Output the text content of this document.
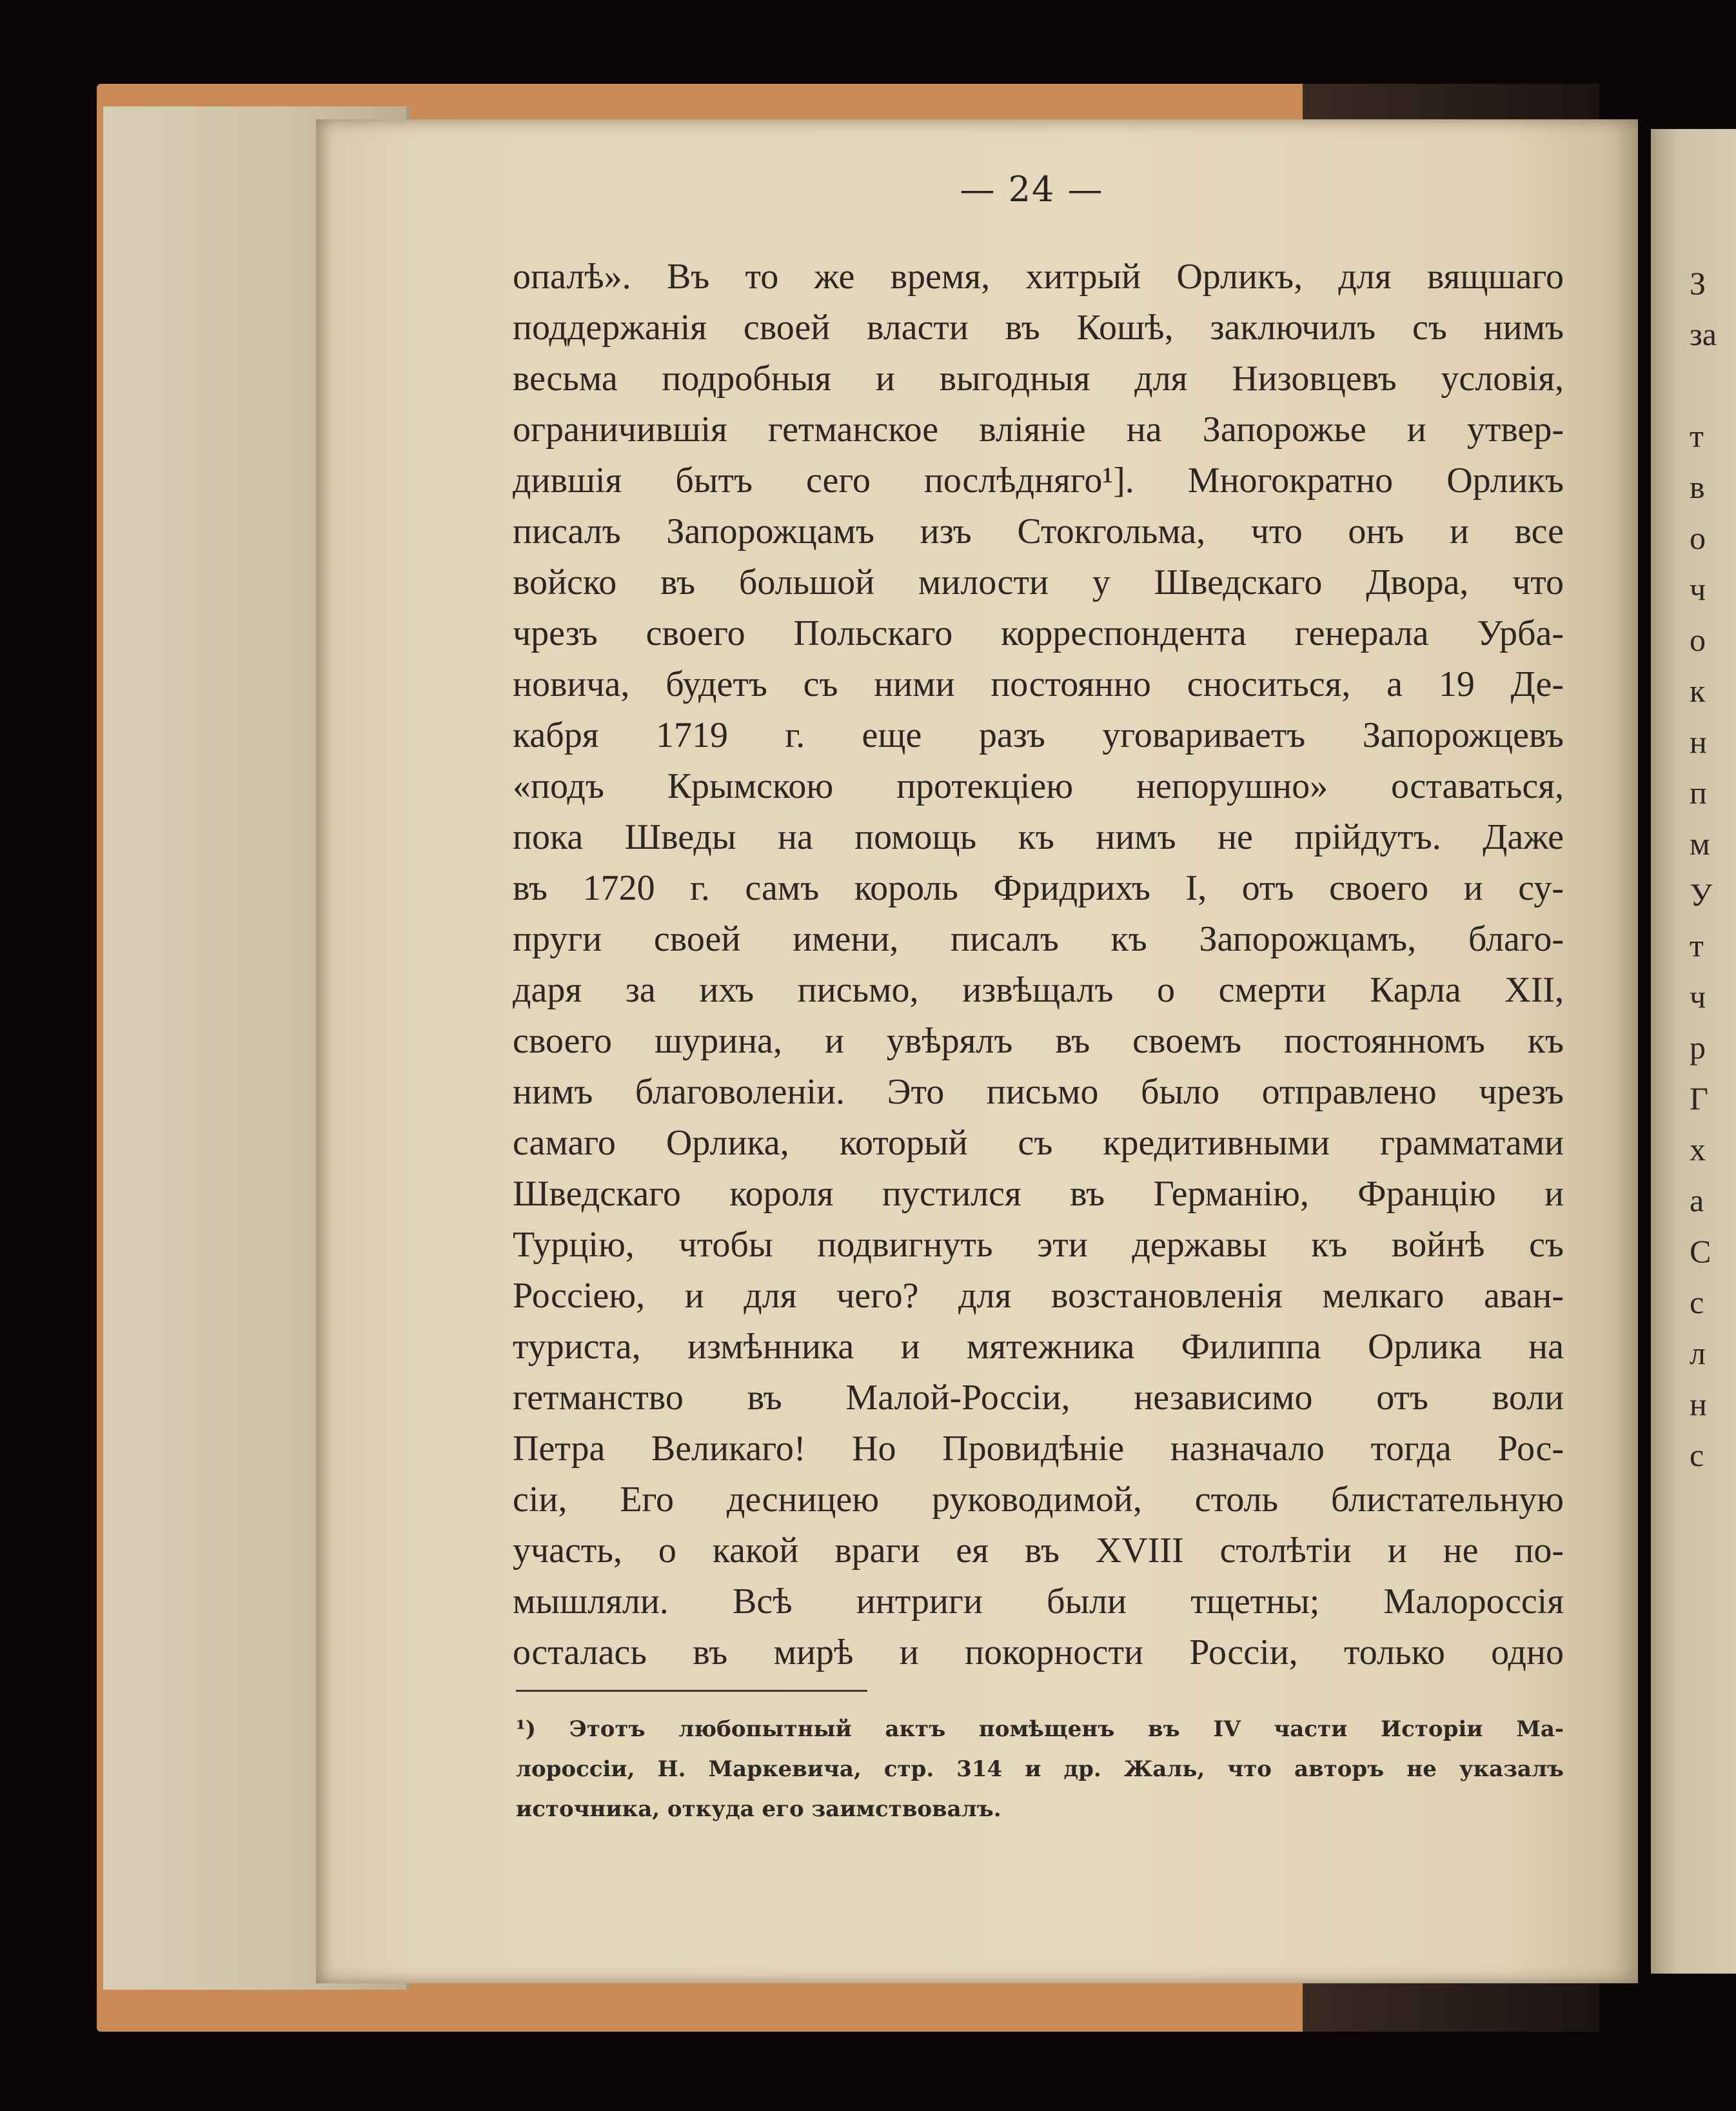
— 24 —
опалѣ». Въ то же время, хитрый Орликъ, для вящшаго
поддержанія своей власти въ Кошѣ, заключилъ съ нимъ
весьма подробныя и выгодныя для Низовцевъ условія,
ограничившія гетманское вліяніе на Запорожье и утвер-
дившія бытъ сего послѣдняго¹]. Многократно Орликъ
писалъ Запорожцамъ изъ Стокгольма, что онъ и все
войско въ большой милости у Шведскаго Двора, что
чрезъ своего Польскаго корреспондента генерала Урба-
новича, будетъ съ ними постоянно сноситься, а 19 Де-
кабря 1719 г. еще разъ уговариваетъ Запорожцевъ
«подъ Крымскою протекціею непорушно» оставаться,
пока Шведы на помощь къ нимъ не прійдутъ. Даже
въ 1720 г. самъ король Фридрихъ I, отъ своего и су-
пруги своей имени, писалъ къ Запорожцамъ, благо-
даря за ихъ письмо, извѣщалъ о смерти Карла XII,
своего шурина, и увѣрялъ въ своемъ постоянномъ къ
нимъ благоволеніи. Это письмо было отправлено чрезъ
самаго Орлика, который съ кредитивными грамматами
Шведскаго короля пустился въ Германію, Францію и
Турцію, чтобы подвигнуть эти державы къ войнѣ съ
Россіею, и для чего? для возстановленія мелкаго аван-
туриста, измѣнника и мятежника Филиппа Орлика на
гетманство въ Малой-Россіи, независимо отъ воли
Петра Великаго! Но Провидѣніе назначало тогда Рос-
сіи, Его десницею руководимой, столь блистательную
участь, о какой враги ея въ XVIII столѣтіи и не по-
мышляли. Всѣ интриги были тщетны; Малороссія
осталась въ мирѣ и покорности Россіи, только одно
¹) Этотъ любопытный актъ помѣщенъ въ IV части Исторіи Ма-
лороссіи, Н. Маркевича, стр. 314 и др. Жаль, что авторъ не указалъ
источника, откуда его заимствовалъ.
З
за
т
в
о
ч
о
к
н
п
м
У
т
ч
р
Г
х
а
С
с
л
н
с
